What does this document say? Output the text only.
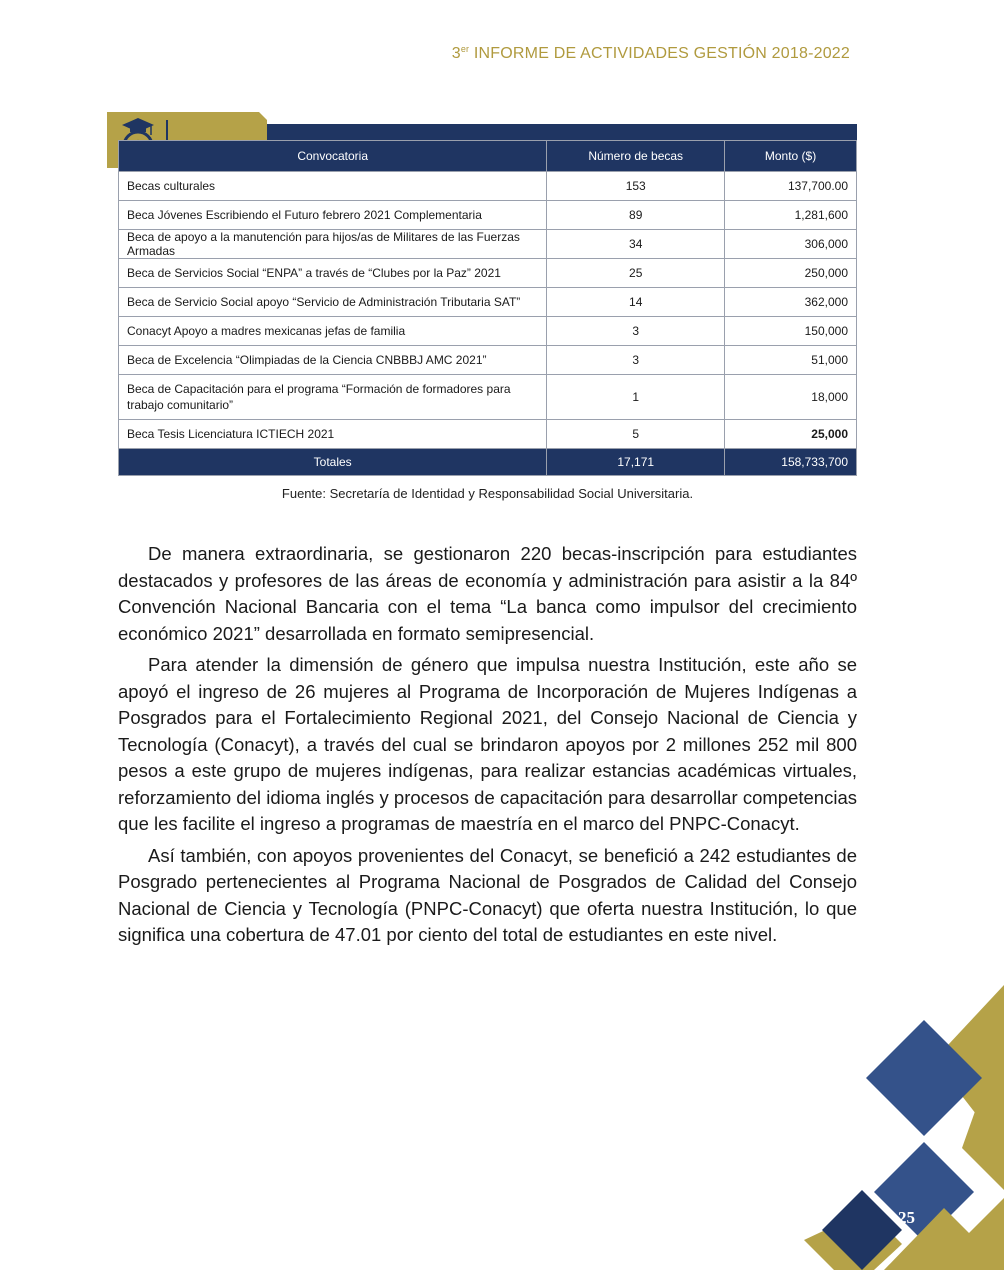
3er INFORME DE ACTIVIDADES GESTIÓN 2018-2022
Convocatoria	Número de becas	Monto ($)
Becas culturales	153	137,700.00
Beca Jóvenes Escribiendo el Futuro febrero 2021 Complementaria	89	1,281,600
Beca de apoyo a la manutención para hijos/as de Militares de las Fuerzas Armadas	34	306,000
Beca de Servicios Social “ENPA” a través de “Clubes por la Paz” 2021	25	250,000
Beca de Servicio Social apoyo “Servicio de Administración Tributaria SAT”	14	362,000
Conacyt Apoyo a madres mexicanas jefas de familia	3	150,000
Beca de Excelencia “Olimpiadas de la Ciencia CNBBBJ AMC 2021”	3	51,000
Beca de Capacitación para el programa “Formación de formadores para trabajo comunitario”	1	18,000
Beca Tesis Licenciatura ICTIECH 2021	5	25,000
Totales	17,171	158,733,700
Fuente: Secretaría de Identidad y Responsabilidad Social Universitaria.

De manera extraordinaria, se gestionaron 220 becas-inscripción para estudiantes destacados y profesores de las áreas de economía y administración para asistir a la 84º Convención Nacional Bancaria con el tema “La banca como impulsor del crecimiento económico 2021” desarrollada en formato semipresencial.

Para atender la dimensión de género que impulsa nuestra Institución, este año se apoyó el ingreso de 26 mujeres al Programa de Incorporación de Mujeres Indígenas a Posgrados para el Fortalecimiento Regional 2021, del Consejo Nacional de Ciencia y Tecnología (Conacyt), a través del cual se brindaron apoyos por 2 millones 252 mil 800 pesos a este grupo de mujeres indígenas, para realizar estancias académicas virtuales, reforzamiento del idioma inglés y procesos de capacitación para desarrollar competencias que les facilite el ingreso a programas de maestría en el marco del PNPC-Conacyt.

Así también, con apoyos provenientes del Conacyt, se benefició a 242 estudiantes de Posgrado pertenecientes al Programa Nacional de Posgrados de Calidad del Consejo Nacional de Ciencia y Tecnología (PNPC-Conacyt) que oferta nuestra Institución, lo que significa una cobertura de 47.01 por ciento del total de estudiantes en este nivel.

25
